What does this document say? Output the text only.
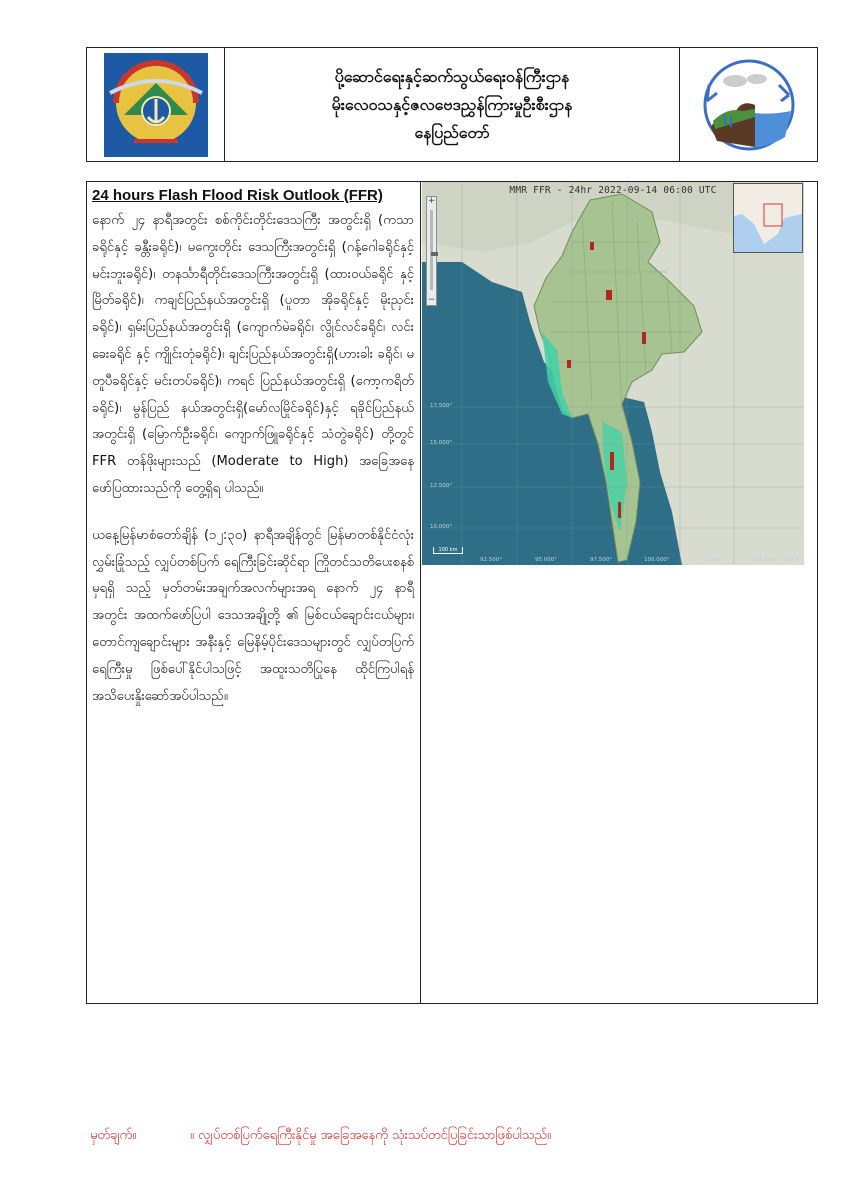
ပို့ဆောင်ရေးနှင့်ဆက်သွယ်ရေးဝန်ကြီးဌာန
မိုးလေဝသနှင့်ဇလဗေဒညွှန်ကြားမှုဦးစီးဌာန
နေပြည်တော်
24 hours Flash Flood Risk Outlook (FFR)

နောက် ၂၄ နာရီအတွင်း စစ်ကိုင်းတိုင်းဒေသကြီး အတွင်းရှိ (ကသာခရိုင်နှင့် ခန္တီးခရိုင်)၊ မကွေးတိုင်း ဒေသကြီးအတွင်းရှိ (ဂန့်ဂေါခရိုင်နှင့် မင်းဘူးခရိုင်)၊ တနင်္သာရီတိုင်းဒေသကြီးအတွင်းရှိ (ထားဝယ်ခရိုင် နှင့် မြိတ်ခရိုင်)၊ ကချင်ပြည်နယ်အတွင်းရှိ (ပူတာ အိုခရိုင်နှင့် မိုးညှင်းခရိုင်)၊ ရှမ်းပြည်နယ်အတွင်းရှိ (ကျောက်မဲခရိုင်၊ လွိုင်လင်ခရိုင်၊ လင်းခေးခရိုင် နှင့် ကျိုင်းတုံခရိုင်)၊ ချင်းပြည်နယ်အတွင်းရှိ(ဟားခါး ခရိုင်၊ မတူပီခရိုင်နှင့် မင်းတပ်ခရိုင်)၊ ကရင် ပြည်နယ်အတွင်းရှိ (ကော့ကရိတ်ခရိုင်)၊ မွန်ပြည် နယ်အတွင်းရှိ(မော်လမြိုင်ခရိုင်)နှင့် ရခိုင်ပြည်နယ် အတွင်းရှိ (မြောက်ဦးခရိုင်၊ ကျောက်ဖြူခရိုင်နှင့် သံတွဲခရိုင်) တို့တွင် FFR တန်ဖိုးများသည် (Moderate to High) အခြေအနေ ဖော်ပြထားသည်ကို တွေ့ရှိရ ပါသည်။

ယနေ့မြန်မာစံတော်ချိန် (၁၂:၃၀) နာရီအချိန်တွင် မြန်မာတစ်နိုင်ငံလုံးလွှမ်းခြုံသည့် လျှပ်တစ်ပြက် ရေကြီးခြင်းဆိုင်ရာ ကြိုတင်သတိပေးစနစ်မှရရှိ သည့် မှတ်တမ်းအချက်အလက်များအရ နောက် ၂၄ နာရီအတွင်း အထက်ဖော်ပြပါ ဒေသအချို့တို့ ၏ မြစ်ငယ်ချောင်းငယ်များ၊ တောင်ကျချောင်းများ အနီးနှင့် မြေနိမ့်ပိုင်းဒေသများတွင် လျှပ်တပြက် ရေကြီးမှု ဖြစ်ပေါ်နိုင်ပါသဖြင့် အထူးသတိပြုနေ ထိုင်ကြပါရန် အသိပေးနှိုးဆော်အပ်ပါသည်။

MMR FFR - 24hr 2022-09-14 06:00 UTC
+
−
100 km
17.500°
15.000°
12.500°
10.000°
92.500°	95.000°	97.500°	100.000°	102.500°	105.000° 107.5°
မှတ်ချက်။	။ လျှပ်တစ်ပြက်ရေကြီးနိုင်မှု အခြေအနေကို သုံးသပ်တင်ပြခြင်းသာဖြစ်ပါသည်။
